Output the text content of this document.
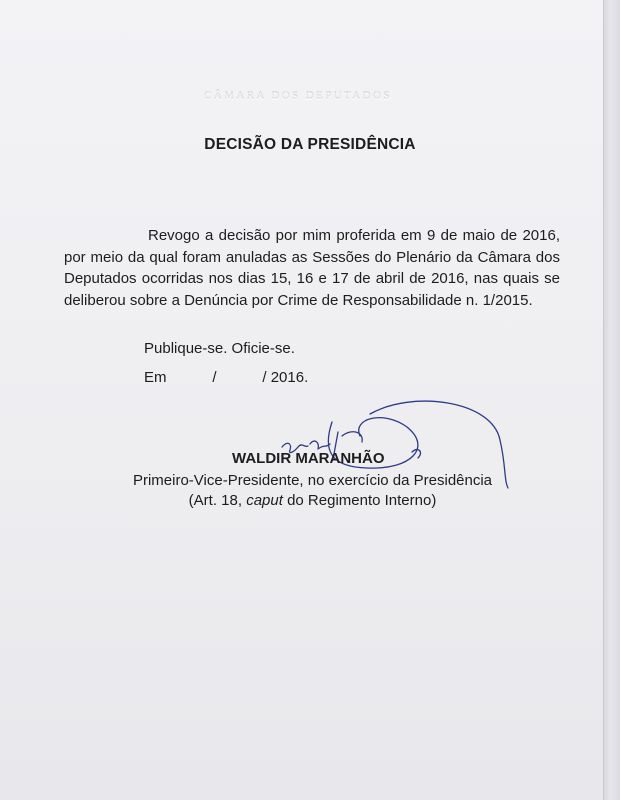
CÂMARA DOS DEPUTADOS
DECISÃO DA PRESIDÊNCIA

Revogo a decisão por mim proferida em 9 de maio de 2016, por meio da qual foram anuladas as Sessões do Plenário da Câmara dos Deputados ocorridas nos dias 15, 16 e 17 de abril de 2016, nas quais se deliberou sobre a Denúncia por Crime de Responsabilidade n. 1/2015.

Publique-se. Oficie-se.
Em	/	/ 2016.
WALDIR MARANHÃO
Primeiro-Vice-Presidente, no exercício da Presidência
(Art. 18, caput do Regimento Interno)
